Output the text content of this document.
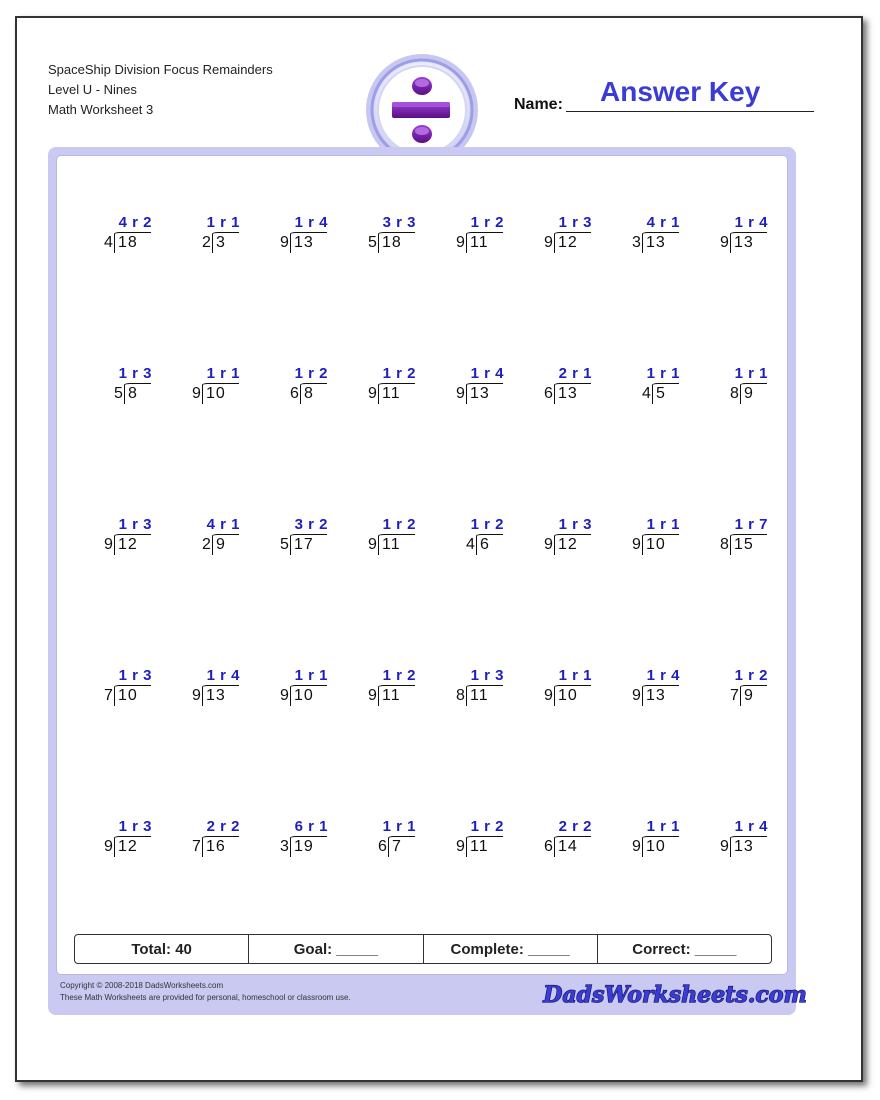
SpaceShip Division Focus Remainders
Level U - Nines
Math Worksheet 3	Name: Answer Key
4 r 2
4 18
1 r 1
2 3
1 r 4
9 13
3 r 3
5 18
1 r 2
9 11
1 r 3
9 12
4 r 1
3 13
1 r 4
9 13
1 r 3
5 8
1 r 1
9 10
1 r 2
6 8
1 r 2
9 11
1 r 4
9 13
2 r 1
6 13
1 r 1
4 5
1 r 1
8 9
1 r 3
9 12
4 r 1
2 9
3 r 2
5 17
1 r 2
9 11
1 r 2
4 6
1 r 3
9 12
1 r 1
9 10
1 r 7
8 15
1 r 3
7 10
1 r 4
9 13
1 r 1
9 10
1 r 2
9 11
1 r 3
8 11
1 r 1
9 10
1 r 4
9 13
1 r 2
7 9
1 r 3
9 12
2 r 2
7 16
6 r 1
3 19
1 r 1
6 7
1 r 2
9 11
2 r 2
6 14
1 r 1
9 10
1 r 4
9 13
Total: 40	Goal: _____	Complete: _____	Correct: _____
Copyright © 2008-2018 DadsWorksheets.com
These Math Worksheets are provided for personal, homeschool or classroom use.	DadsWorksheets.com
